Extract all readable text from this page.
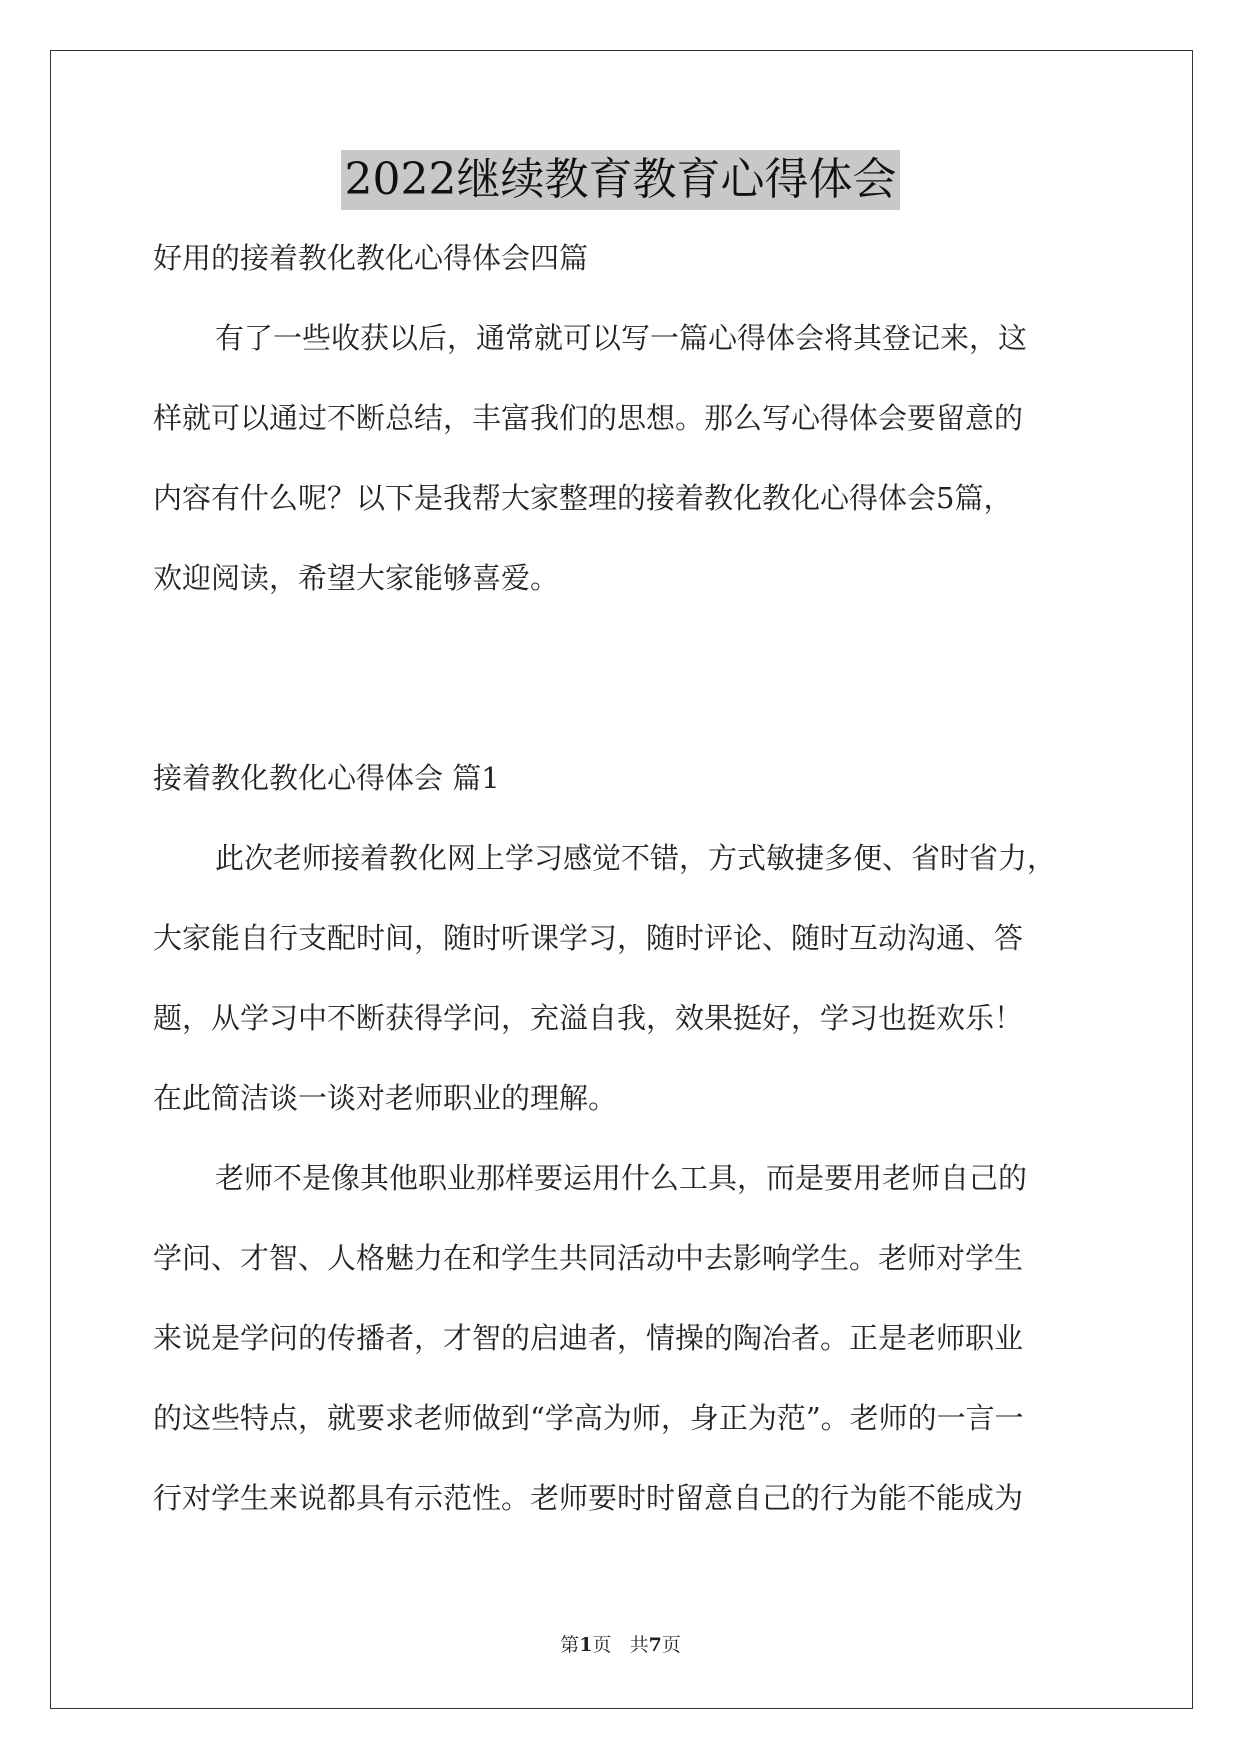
2022继续教育教育心得体会
好用的接着教化教化心得体会四篇

有了一些收获以后，通常就可以写一篇心得体会将其登记来，这
样就可以通过不断总结，丰富我们的思想。那么写心得体会要留意的
内容有什么呢？以下是我帮大家整理的接着教化教化心得体会5篇，
欢迎阅读，希望大家能够喜爱。

接着教化教化心得体会 篇1

此次老师接着教化网上学习感觉不错，方式敏捷多便、省时省力，
大家能自行支配时间，随时听课学习，随时评论、随时互动沟通、答
题，从学习中不断获得学问，充溢自我，效果挺好，学习也挺欢乐！
在此简洁谈一谈对老师职业的理解。

老师不是像其他职业那样要运用什么工具，而是要用老师自己的
学问、才智、人格魅力在和学生共同活动中去影响学生。老师对学生
来说是学问的传播者，才智的启迪者，情操的陶冶者。正是老师职业
的这些特点，就要求老师做到“学高为师，身正为范”。老师的一言一
行对学生来说都具有示范性。老师要时时留意自己的行为能不能成为

第1页 共7页
